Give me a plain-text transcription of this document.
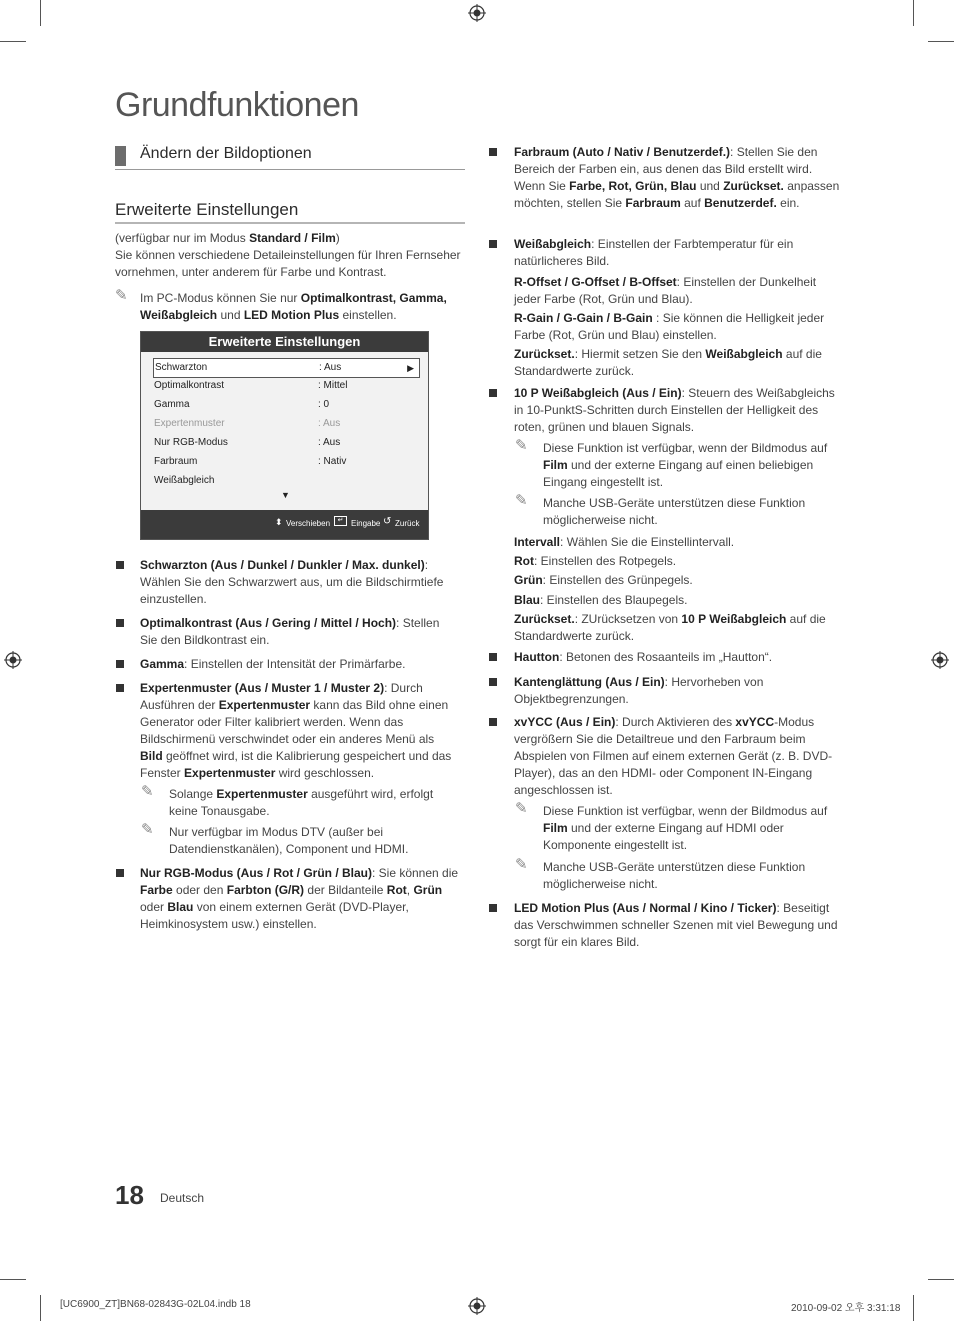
Grundfunktionen
Ändern der Bildoptionen
Erweiterte Einstellungen

(verfügbar nur im Modus Standard / Film)

Sie können verschiedene Detaileinstellungen für Ihren Fernseher vornehmen, unter anderem für Farbe und Kontrast.

✎ Im PC-Modus können Sie nur Optimalkontrast, Gamma, Weißabgleich und LED Motion Plus einstellen.
Erweiterte Einstellungen
Schwarzton	: Aus	▶
Optimalkontrast	: Mittel
Gamma	: 0
Expertenmuster	: Aus
Nur RGB-Modus	: Aus
Farbraum	: Nativ
Weißabgleich
▼
⬍ Verschieben	↵ Eingabe ↺ Zurück
Schwarzton (Aus / Dunkel / Dunkler / Max. dunkel): Wählen Sie den Schwarzwert aus, um die Bildschirmtiefe einzustellen.
Optimalkontrast (Aus / Gering / Mittel / Hoch): Stellen Sie den Bildkontrast ein.
Gamma: Einstellen der Intensität der Primärfarbe.
Expertenmuster (Aus / Muster 1 / Muster 2): Durch Ausführen der Expertenmuster kann das Bild ohne einen Generator oder Filter kalibriert werden. Wenn das Bildschirmenü verschwindet oder ein anderes Menü als Bild geöffnet wird, ist die Kalibrierung gespeichert und das Fenster Expertenmuster wird geschlossen.
✎ Solange Expertenmuster ausgeführt wird, erfolgt keine Tonausgabe.
✎ Nur verfügbar im Modus DTV (außer bei Datendienstkanälen), Component und HDMI.
Nur RGB-Modus (Aus / Rot / Grün / Blau): Sie können die Farbe oder den Farbton (G/R) der Bildanteile Rot, Grün oder Blau von einem externen Gerät (DVD-Player, Heimkinosystem usw.) einstellen.
Farbraum (Auto / Nativ / Benutzerdef.): Stellen Sie den Bereich der Farben ein, aus denen das Bild erstellt wird. Wenn Sie Farbe, Rot, Grün, Blau und Zurückset. anpassen möchten, stellen Sie Farbraum auf Benutzerdef. ein.
Weißabgleich: Einstellen der Farbtemperatur für ein natürlicheres Bild.
R-Offset / G-Offset / B-Offset: Einstellen der Dunkelheit jeder Farbe (Rot, Grün und Blau).
R-Gain / G-Gain / B-Gain : Sie können die Helligkeit jeder Farbe (Rot, Grün und Blau) einstellen.
Zurückset.: Hiermit setzen Sie den Weißabgleich auf die Standardwerte zurück.
10 P Weißabgleich (Aus / Ein): Steuern des Weißabgleichs in 10-PunktS-Schritten durch Einstellen der Helligkeit des roten, grünen und blauen Signals.
✎ Diese Funktion ist verfügbar, wenn der Bildmodus auf Film und der externe Eingang auf einen beliebigen Eingang eingestellt ist.
✎ Manche USB-Geräte unterstützen diese Funktion möglicherweise nicht.
Intervall: Wählen Sie die Einstellintervall.
Rot: Einstellen des Rotpegels.
Grün: Einstellen des Grünpegels.
Blau: Einstellen des Blaupegels.
Zurückset.: ZUrücksetzen von 10 P Weißabgleich auf die Standardwerte zurück.
Hautton: Betonen des Rosaanteils im „Hautton“.
Kantenglättung (Aus / Ein): Hervorheben von Objektbegrenzungen.
xvYCC (Aus / Ein): Durch Aktivieren des xvYCC-Modus vergrößern Sie die Detailtreue und den Farbraum beim Abspielen von Filmen auf einem externen Gerät (z. B. DVD-Player), das an den HDMI- oder Component IN-Eingang angeschlossen ist.
✎ Diese Funktion ist verfügbar, wenn der Bildmodus auf Film und der externe Eingang auf HDMI oder Komponente eingestellt ist.
✎ Manche USB-Geräte unterstützen diese Funktion möglicherweise nicht.
LED Motion Plus (Aus / Normal / Kino / Ticker): Beseitigt das Verschwimmen schneller Szenen mit viel Bewegung und sorgt für ein klares Bild.
18 Deutsch
[UC6900_ZT]BN68-02843G-02L04.indb 18	2010-09-02 오후 3:31:18
